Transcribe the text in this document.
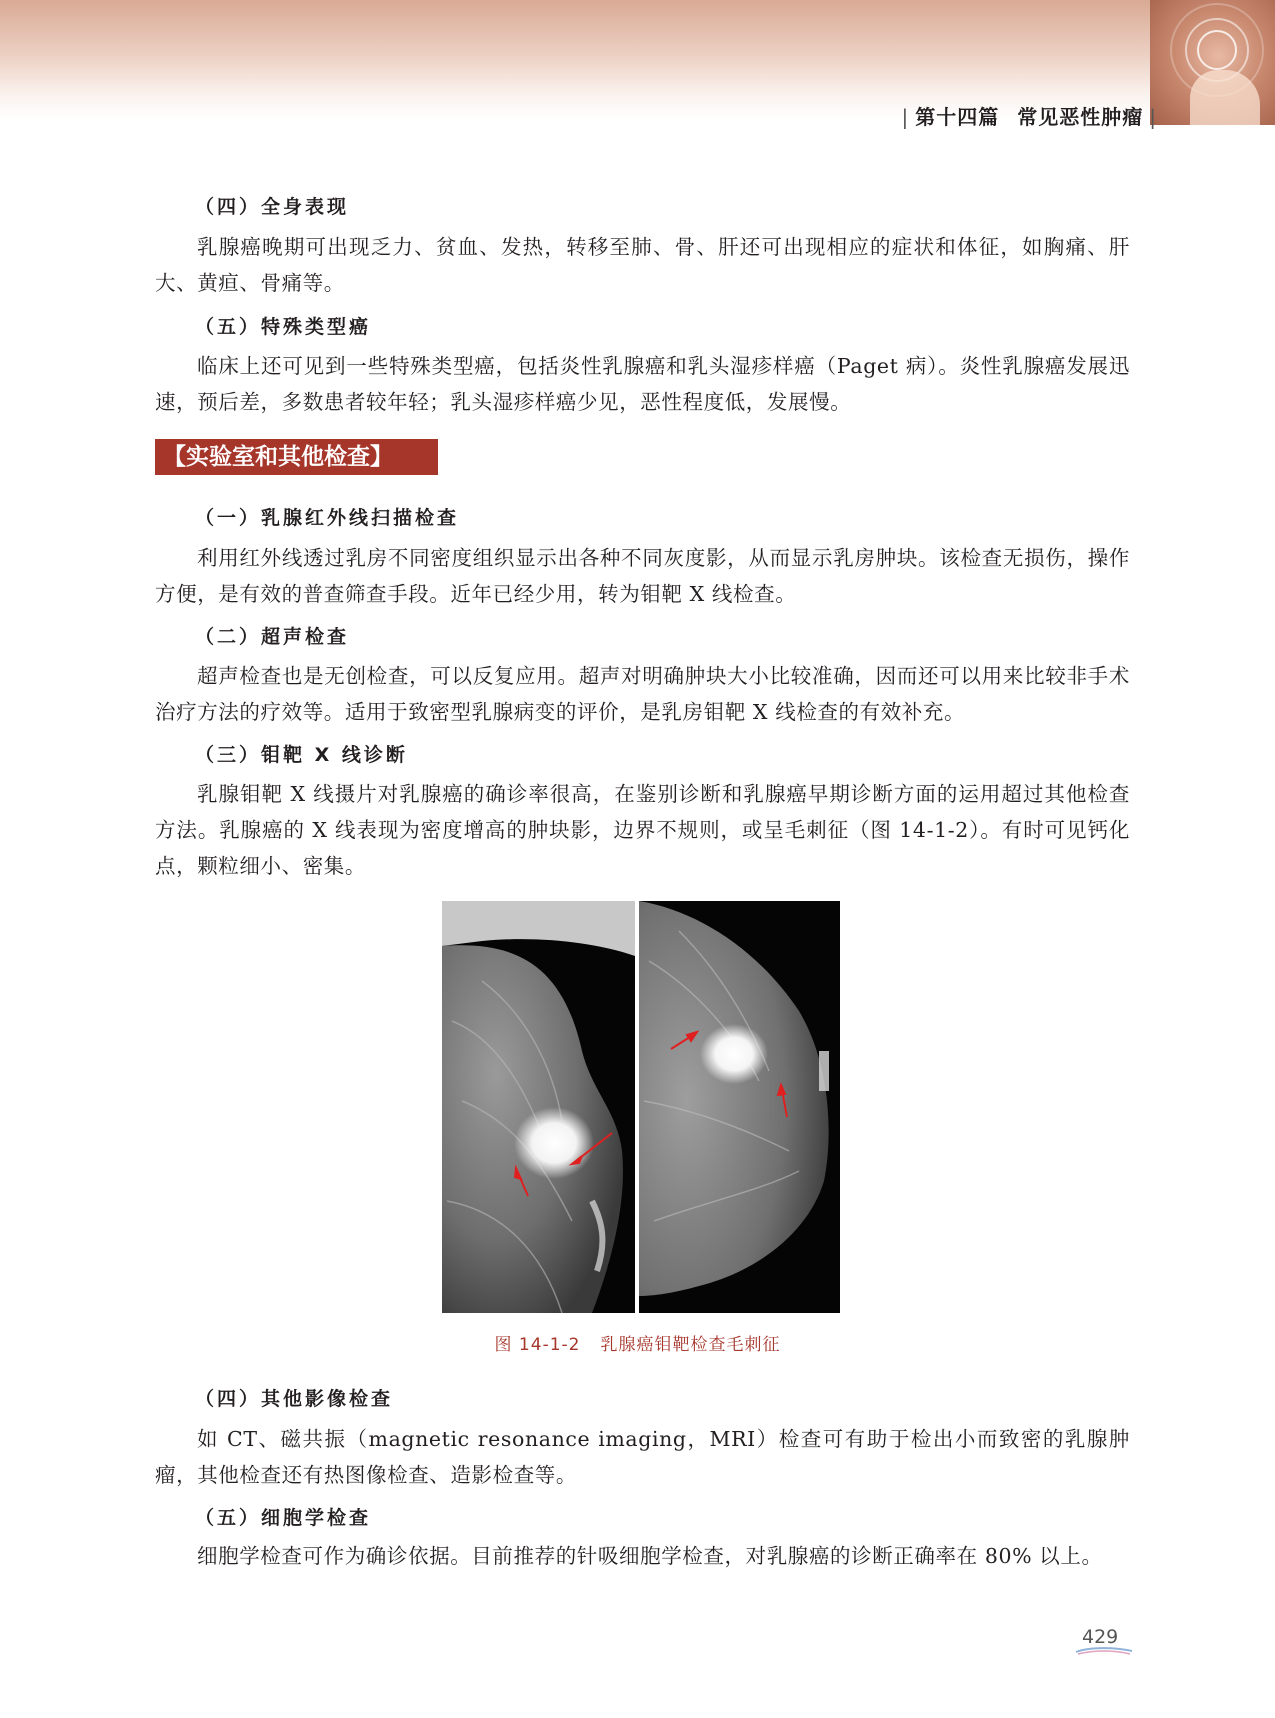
| 第十四篇 常见恶性肿瘤 |
（四）全身表现
乳腺癌晚期可出现乏力、贫血、发热，转移至肺、骨、肝还可出现相应的症状和体征，如胸痛、肝大、黄疸、骨痛等。
（五）特殊类型癌
临床上还可见到一些特殊类型癌，包括炎性乳腺癌和乳头湿疹样癌（Paget 病）。炎性乳腺癌发展迅速，预后差，多数患者较年轻；乳头湿疹样癌少见，恶性程度低，发展慢。
【实验室和其他检查】
（一）乳腺红外线扫描检查
利用红外线透过乳房不同密度组织显示出各种不同灰度影，从而显示乳房肿块。该检查无损伤，操作方便，是有效的普查筛查手段。近年已经少用，转为钼靶 X 线检查。
（二）超声检查
超声检查也是无创检查，可以反复应用。超声对明确肿块大小比较准确，因而还可以用来比较非手术治疗方法的疗效等。适用于致密型乳腺病变的评价，是乳房钼靶 X 线检查的有效补充。
（三）钼靶 X 线诊断
乳腺钼靶 X 线摄片对乳腺癌的确诊率很高，在鉴别诊断和乳腺癌早期诊断方面的运用超过其他检查方法。乳腺癌的 X 线表现为密度增高的肿块影，边界不规则，或呈毛刺征（图 14-1-2）。有时可见钙化点，颗粒细小、密集。
图 14-1-2 乳腺癌钼靶检查毛刺征
（四）其他影像检查
如 CT、磁共振（magnetic resonance imaging，MRI）检查可有助于检出小而致密的乳腺肿瘤，其他检查还有热图像检查、造影检查等。
（五）细胞学检查
细胞学检查可作为确诊依据。目前推荐的针吸细胞学检查，对乳腺癌的诊断正确率在 80% 以上。
429
